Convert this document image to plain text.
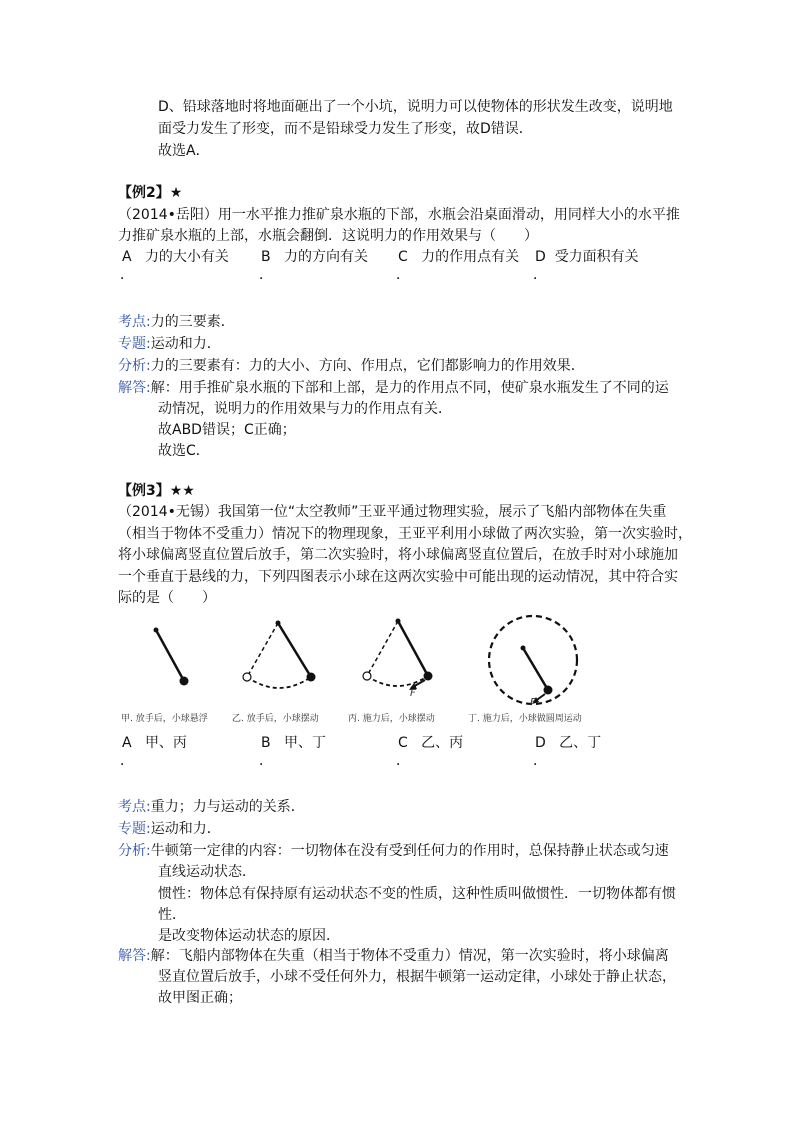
D、铅球落地时将地面砸出了一个小坑，说明力可以使物体的形状发生改变，说明地
面受力发生了形变，而不是铅球受力发生了形变，故D错误．
故选A．
【例2】★
（2014•岳阳）用一水平推力推矿泉水瓶的下部，水瓶会沿桌面滑动，用同样大小的水平推
力推矿泉水瓶的上部，水瓶会翻倒．这说明力的作用效果与（　　）
A 力的大小有关 B 力的方向有关 C 力的作用点有关 D 受力面积有关
．	．	．	．
考点:力的三要素．
专题:运动和力．
分析:力的三要素有：力的大小、方向、作用点，它们都影响力的作用效果．
解答:解：用手推矿泉水瓶的下部和上部，是力的作用点不同，使矿泉水瓶发生了不同的运
动情况，说明力的作用效果与力的作用点有关．
故ABD错误；C正确；
故选C．
【例3】★★
（2014•无锡）我国第一位“太空教师”王亚平通过物理实验，展示了飞船内部物体在失重
（相当于物体不受重力）情况下的物理现象，王亚平利用小球做了两次实验，第一次实验时，
将小球偏离竖直位置后放手，第二次实验时，将小球偏离竖直位置后，在放手时对小球施加
一个垂直于悬线的力，下列四图表示小球在这两次实验中可能出现的运动情况，其中符合实
际的是（　　）
F
F
甲. 放手后，小球悬浮	乙. 放手后，小球摆动	丙. 施力后，小球摆动	丁. 施力后，小球做圆周运动
A 甲、丙	B 甲、丁	C 乙、丙	D 乙、丁
．	．	．	．
考点:重力；力与运动的关系．
专题:运动和力．
分析:牛顿第一定律的内容：一切物体在没有受到任何力的作用时，总保持静止状态或匀速
直线运动状态．
惯性：物体总有保持原有运动状态不变的性质，这种性质叫做惯性．一切物体都有惯
性．
是改变物体运动状态的原因．
解答:解：飞船内部物体在失重（相当于物体不受重力）情况，第一次实验时，将小球偏离
竖直位置后放手，小球不受任何外力，根据牛顿第一运动定律，小球处于静止状态，
故甲图正确；
